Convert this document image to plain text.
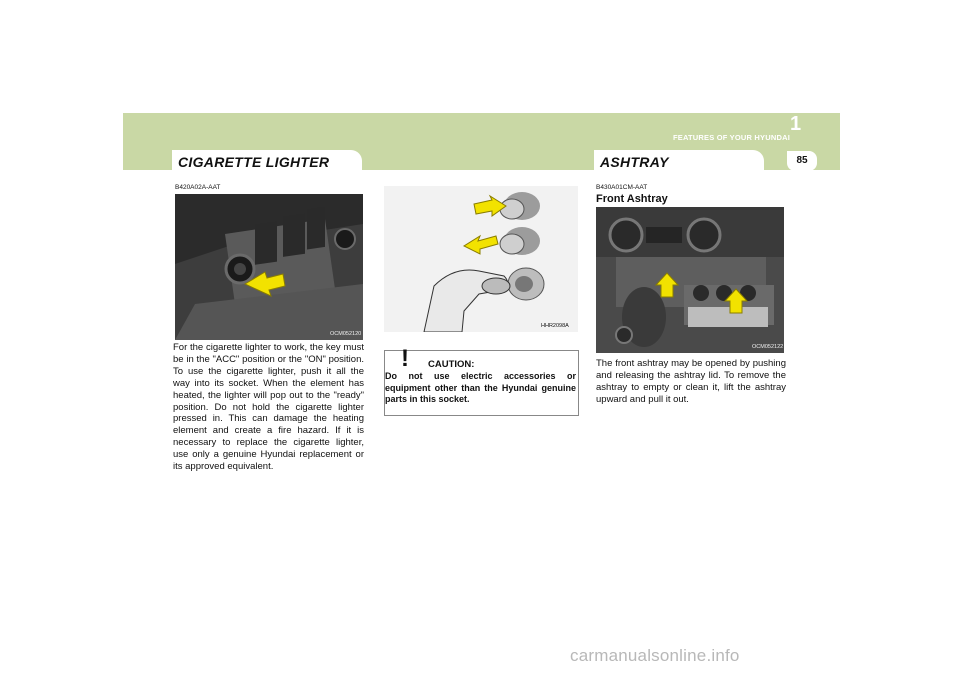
FEATURES OF YOUR HYUNDAI
1
85
CIGARETTE LIGHTER
B420A02A-AAT
OCM052120
For the cigarette lighter to work, the key must be in the "ACC" position or the "ON" position. To use the cigarette lighter, push it all the way into its socket. When the element has heated, the lighter will pop out to the "ready" position. Do not hold the cigarette lighter pressed in. This can damage the heating element and create a fire hazard. If it is necessary to replace the cigarette lighter, use only a genuine Hyundai replacement or its approved equivalent.
HHR2098A
! CAUTION:
Do not use electric accessories or equipment other than the Hyundai genuine parts in this socket.
ASHTRAY
B430A01CM-AAT
Front Ashtray
OCM052122
The front ashtray may be opened by pushing and releasing the ashtray lid. To remove the ashtray to empty or clean it, lift the ashtray upward and pull it out.
carmanualsonline.info
